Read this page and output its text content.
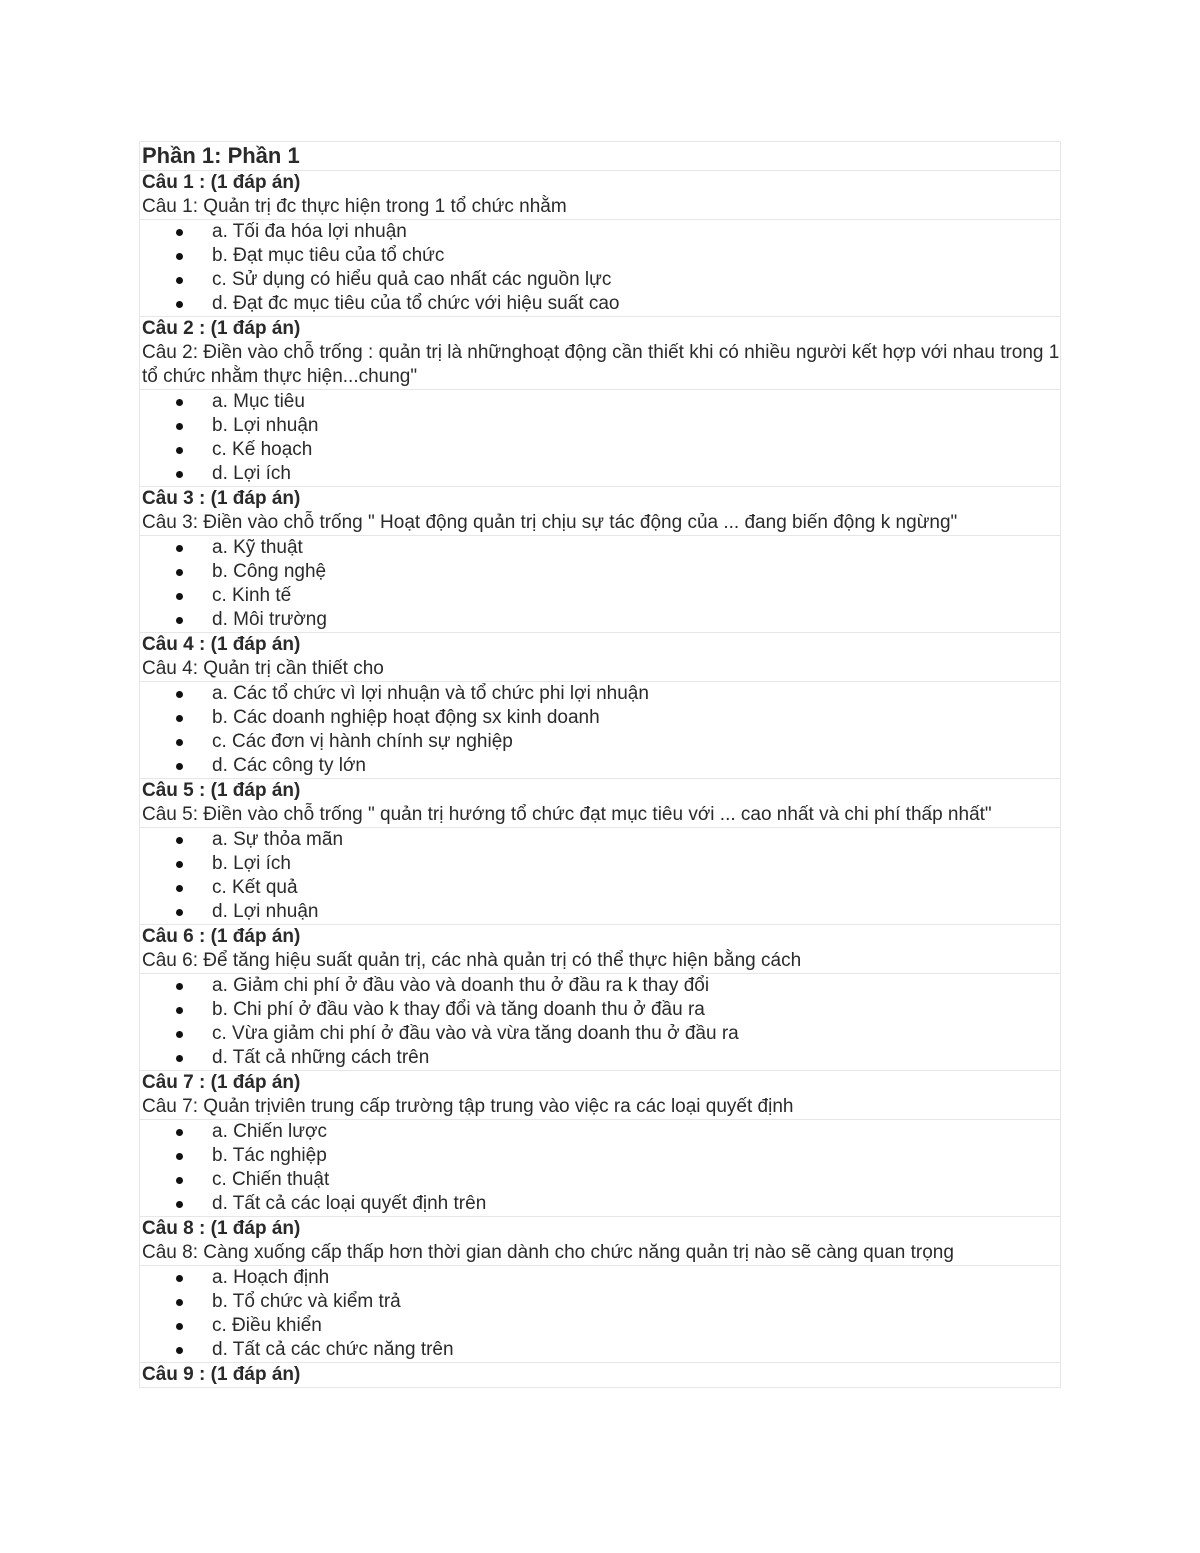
Phần 1: Phần 1
Câu 1 : (1 đáp án)
Câu 1: Quản trị đc thực hiện trong 1 tổ chức nhằm
a. Tối đa hóa lợi nhuận
b. Đạt mục tiêu của tổ chức
c. Sử dụng có hiểu quả cao nhất các nguồn lực
d. Đạt đc mục tiêu của tổ chức với hiệu suất cao
Câu 2 : (1 đáp án)
Câu 2: Điền vào chỗ trống : quản trị là nhữnghoạt động cần thiết khi có nhiều người kết hợp với nhau trong 1 tổ chức nhằm thực hiện...chung"
a. Mục tiêu
b. Lợi nhuận
c. Kế hoạch
d. Lợi ích
Câu 3 : (1 đáp án)
Câu 3: Điền vào chỗ trống " Hoạt động quản trị chịu sự tác động của ... đang biến động k ngừng"
a. Kỹ thuật
b. Công nghệ
c. Kinh tế
d. Môi trường
Câu 4 : (1 đáp án)
Câu 4: Quản trị cần thiết cho
a. Các tổ chức vì lợi nhuận và tổ chức phi lợi nhuận
b. Các doanh nghiệp hoạt động sx kinh doanh
c. Các đơn vị hành chính sự nghiệp
d. Các công ty lớn
Câu 5 : (1 đáp án)
Câu 5: Điền vào chỗ trống " quản trị hướng tổ chức đạt mục tiêu với ... cao nhất và chi phí thấp nhất"
a. Sự thỏa mãn
b. Lợi ích
c. Kết quả
d. Lợi nhuận
Câu 6 : (1 đáp án)
Câu 6: Để tăng hiệu suất quản trị, các nhà quản trị có thể thực hiện bằng cách
a. Giảm chi phí ở đầu vào và doanh thu ở đầu ra k thay đổi
b. Chi phí ở đầu vào k thay đổi và tăng doanh thu ở đầu ra
c. Vừa giảm chi phí ở đầu vào và vừa tăng doanh thu ở đầu ra
d. Tất cả những cách trên
Câu 7 : (1 đáp án)
Câu 7: Quản trịviên trung cấp trường tập trung vào việc ra các loại quyết định
a. Chiến lược
b. Tác nghiệp
c. Chiến thuật
d. Tất cả các loại quyết định trên
Câu 8 : (1 đáp án)
Câu 8: Càng xuống cấp thấp hơn thời gian dành cho chức năng quản trị nào sẽ càng quan trọng
a. Hoạch định
b. Tổ chức và kiểm trả
c. Điều khiển
d. Tất cả các chức năng trên
Câu 9 : (1 đáp án)
